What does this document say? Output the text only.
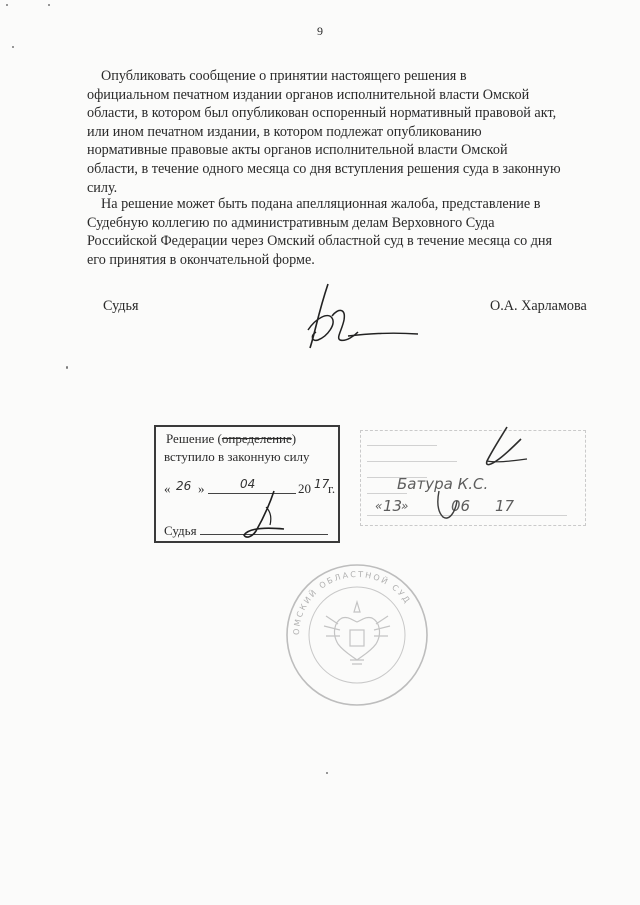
9
Опубликовать сообщение о принятии настоящего решения в
официальном печатном издании органов исполнительной власти Омской
области, в котором был опубликован оспоренный нормативный правовой акт,
или ином печатном издании, в котором подлежат опубликованию
нормативные правовые акты органов исполнительной власти Омской
области, в течение одного месяца со дня вступления решения суда в законную
силу.
На решение может быть подана апелляционная жалоба, представление в
Судебную коллегию по административным делам Верховного Суда
Российской Федерации через Омский областной суд в течение месяца со дня
его принятия в окончательной форме.
Судья	О.А. Харламова
Решение (определение)
вступило в законную силу
« 26 »	04	20 17
г.
Судья
Батура К.С.
« 13
»	06 17
ОМСКИЙ ОБЛАСТНОЙ СУД
